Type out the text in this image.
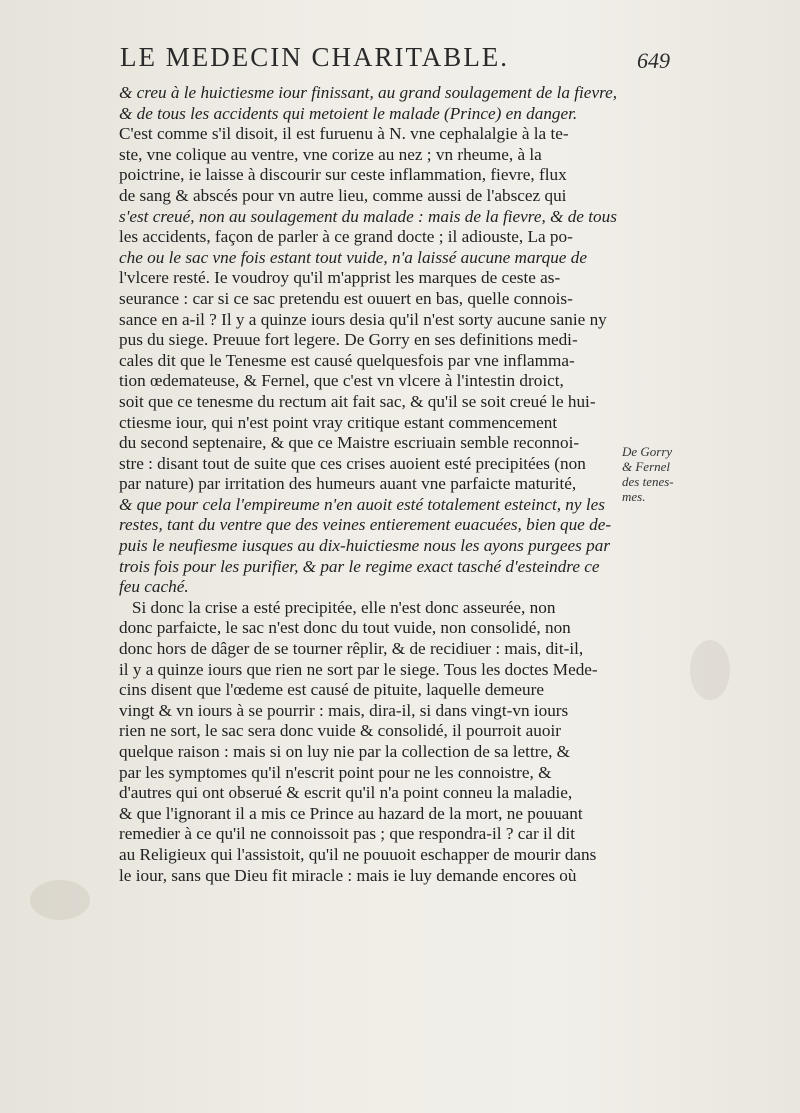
LE MEDECIN CHARITABLE.	649
& creu à le huictiesme iour finissant, au grand soulagement de la fievre,
& de tous les accidents qui metoient le malade (Prince) en danger.
C'est comme s'il disoit, il est furuenu à N. vne cephalalgie à la te-
ste, vne colique au ventre, vne corize au nez ; vn rheume, à la
poictrine, ie laisse à discourir sur ceste inflammation, fievre, flux
de sang & abscés pour vn autre lieu, comme aussi de l'abscez qui
s'est creué, non au soulagement du malade : mais de la fievre, & de tous
les accidents, façon de parler à ce grand docte ; il adiouste, La po-
che ou le sac vne fois estant tout vuide, n'a laissé aucune marque de
l'vlcere resté. Ie voudroy qu'il m'apprist les marques de ceste as-
seurance : car si ce sac pretendu est ouuert en bas, quelle connois-
sance en a-il ? Il y a quinze iours desia qu'il n'est sorty aucune sanie ny
pus du siege. Preuue fort legere. De Gorry en ses definitions medi-
cales dit que le Tenesme est causé quelquesfois par vne inflamma-
tion œdemateuse, & Fernel, que c'est vn vlcere à l'intestin droict,
soit que ce tenesme du rectum ait fait sac, & qu'il se soit creué le hui-
ctiesme iour, qui n'est point vray critique estant commencement
du second septenaire, & que ce Maistre escriuain semble reconnoi-
stre : disant tout de suite que ces crises auoient esté precipitées (non
par nature) par irritation des humeurs auant vne parfaicte maturité,
& que pour cela l'empireume n'en auoit esté totalement esteinct, ny les
restes, tant du ventre que des veines entierement euacuées, bien que de-
puis le neufiesme iusques au dix-huictiesme nous les ayons purgees par
trois fois pour les purifier, & par le regime exact tasché d'esteindre ce
feu caché.
Si donc la crise a esté precipitée, elle n'est donc asseurée, non
donc parfaicte, le sac n'est donc du tout vuide, non consolidé, non
donc hors de dâger de se tourner rêplir, & de recidiuer : mais, dit-il,
il y a quinze iours que rien ne sort par le siege. Tous les doctes Mede-
cins disent que l'œdeme est causé de pituite, laquelle demeure
vingt & vn iours à se pourrir : mais, dira-il, si dans vingt-vn iours
rien ne sort, le sac sera donc vuide & consolidé, il pourroit auoir
quelque raison : mais si on luy nie par la collection de sa lettre, &
par les symptomes qu'il n'escrit point pour ne les connoistre, &
d'autres qui ont obserué & escrit qu'il n'a point conneu la maladie,
& que l'ignorant il a mis ce Prince au hazard de la mort, ne pouuant
remedier à ce qu'il ne connoissoit pas ; que respondra-il ? car il dit
au Religieux qui l'assistoit, qu'il ne pouuoit eschapper de mourir dans
le iour, sans que Dieu fit miracle : mais ie luy demande encores où
De Gorry
& Fernel
des tenes-
mes.
